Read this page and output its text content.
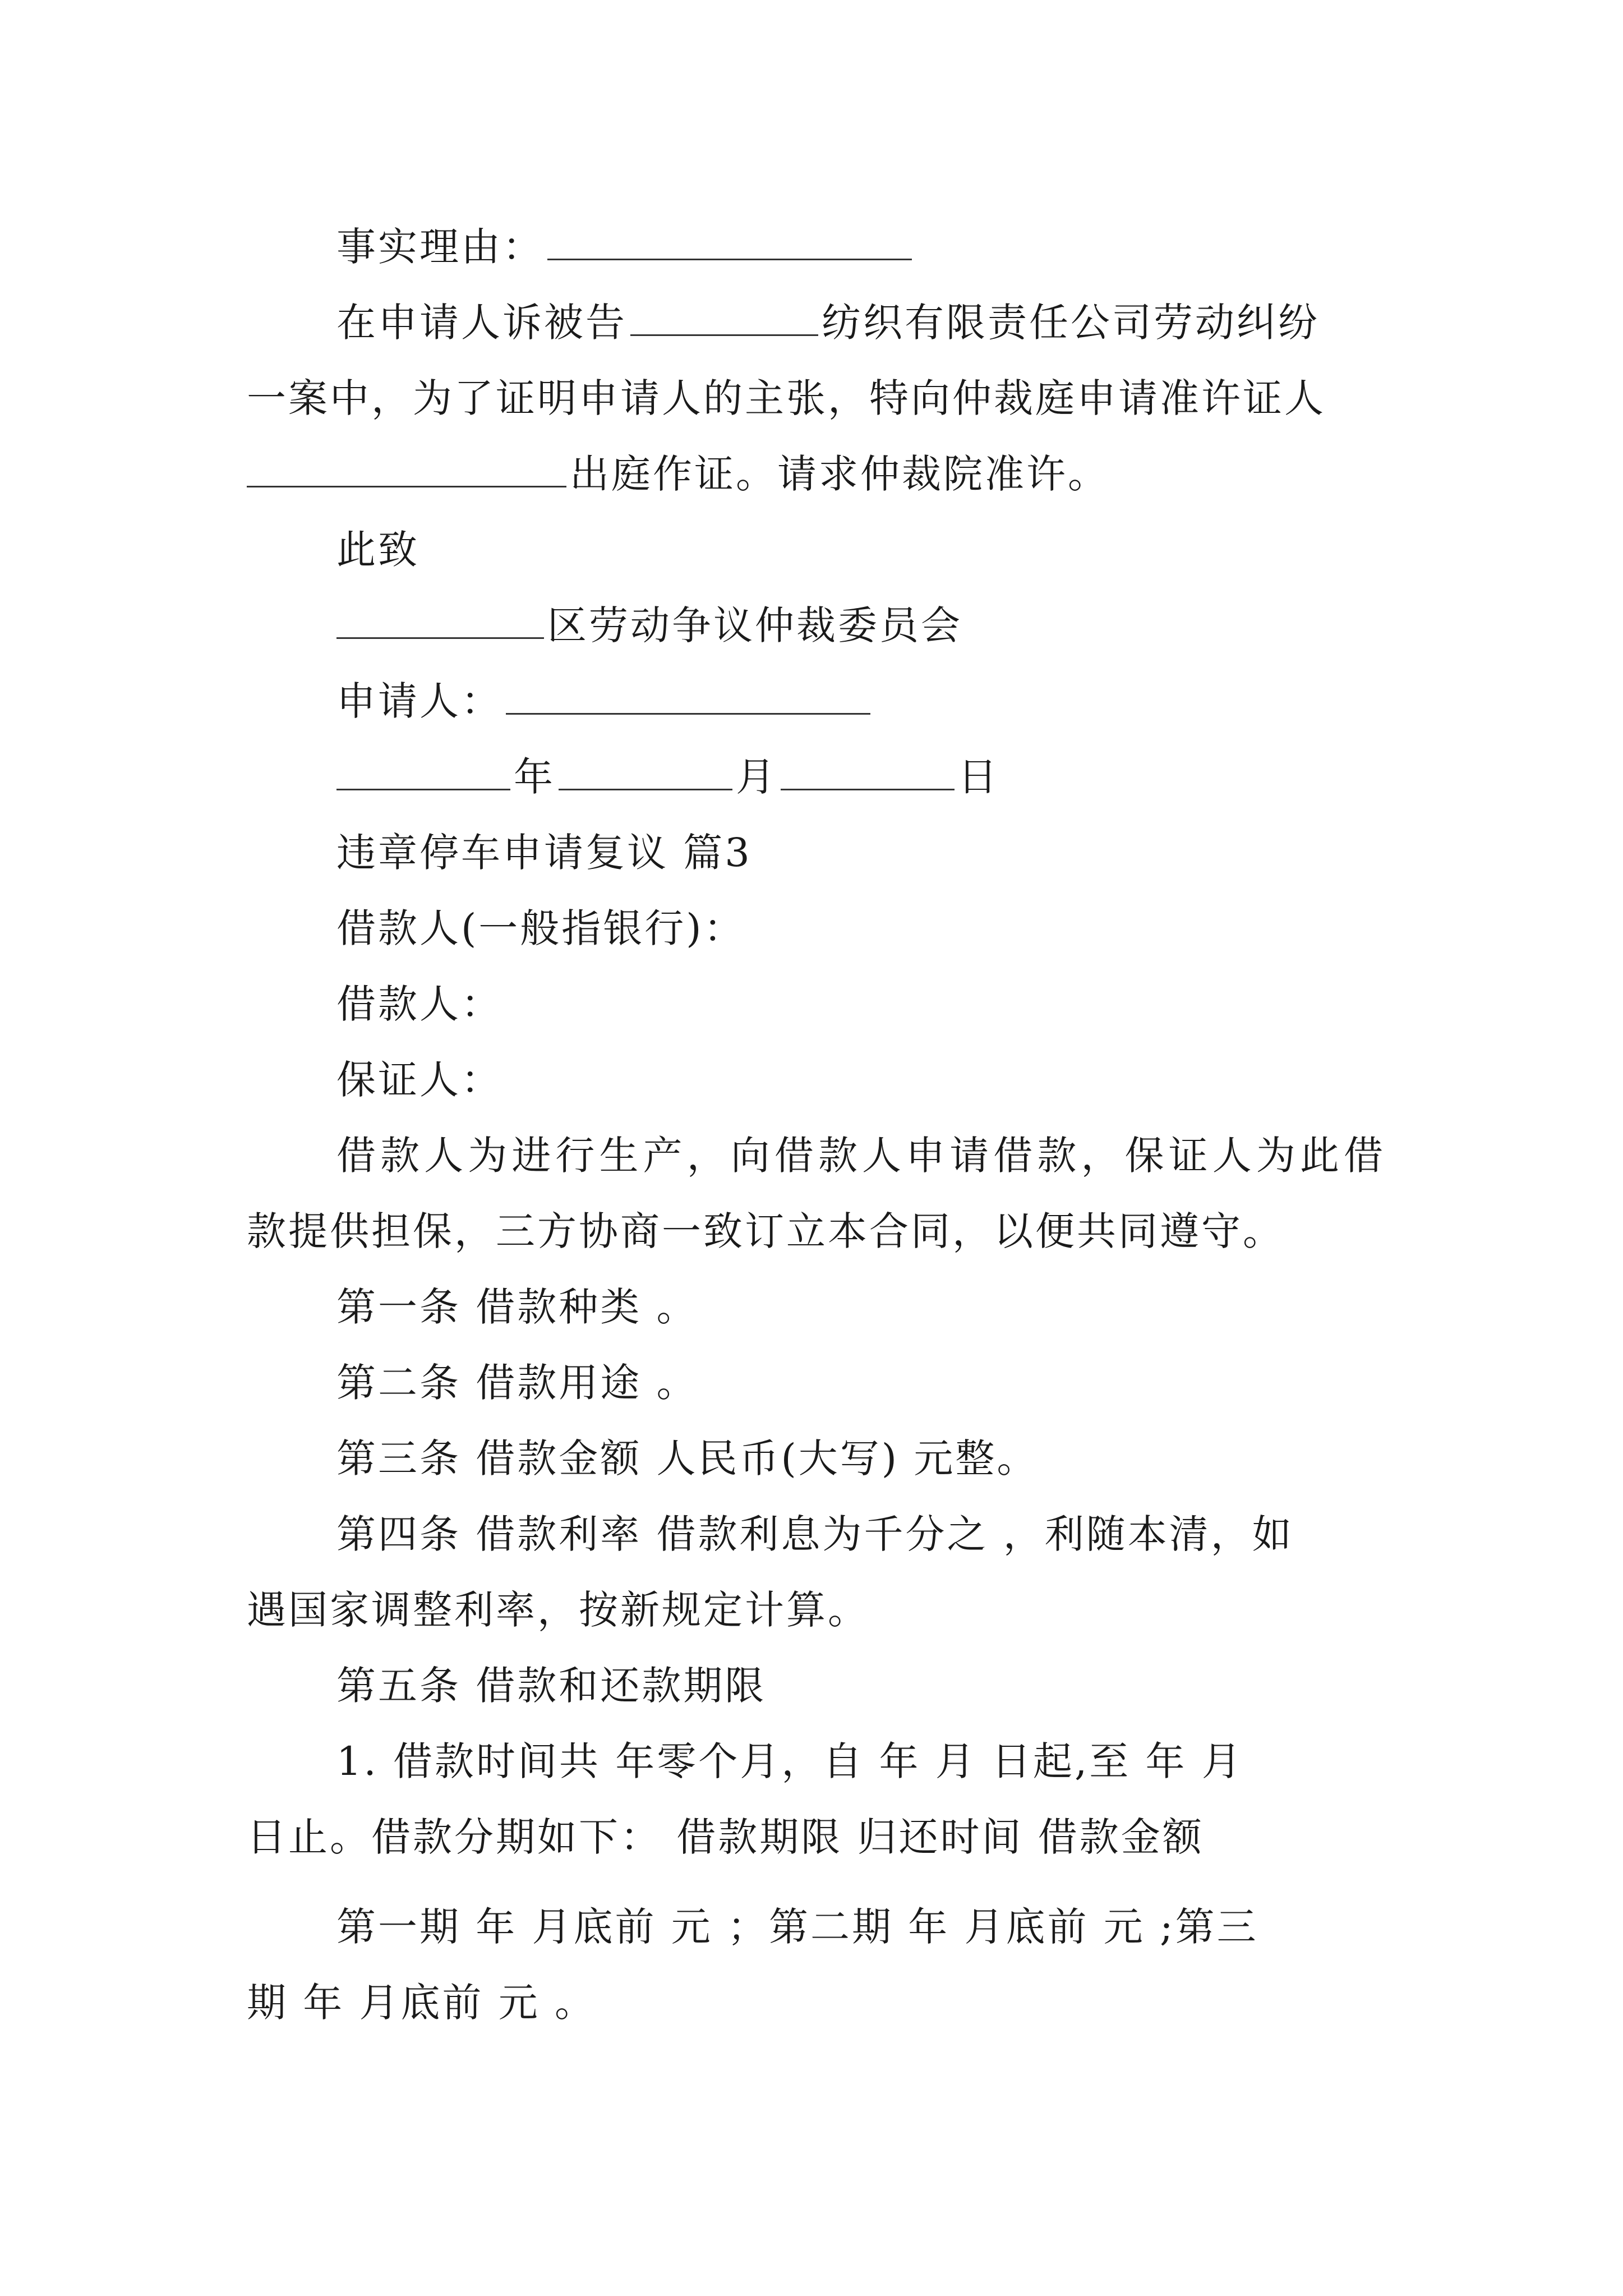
事实理由：
在申请人诉被告	纺织有限责任公司劳动纠纷
一案中，为了证明申请人的主张，特向仲裁庭申请准许证人
出庭作证。请求仲裁院准许。
此致
区劳动争议仲裁委员会
申请人：
年	月	日
违章停车申请复议 篇3
借款人(一般指银行)：
借款人：
保证人：
借款人为进行生产，向借款人申请借款，保证人为此借
款提供担保，三方协商一致订立本合同，以便共同遵守。
第一条 借款种类 。
第二条 借款用途 。
第三条 借款金额 人民币(大写) 元整。
第四条 借款利率 借款利息为千分之 ，利随本清，如
遇国家调整利率，按新规定计算。
第五条 借款和还款期限
1. 借款时间共 年零个月，自 年 月 日起,至 年 月
日止。借款分期如下： 借款期限 归还时间 借款金额
第一期 年 月底前 元 ；第二期 年 月底前 元 ;第三
期 年 月底前 元 。
